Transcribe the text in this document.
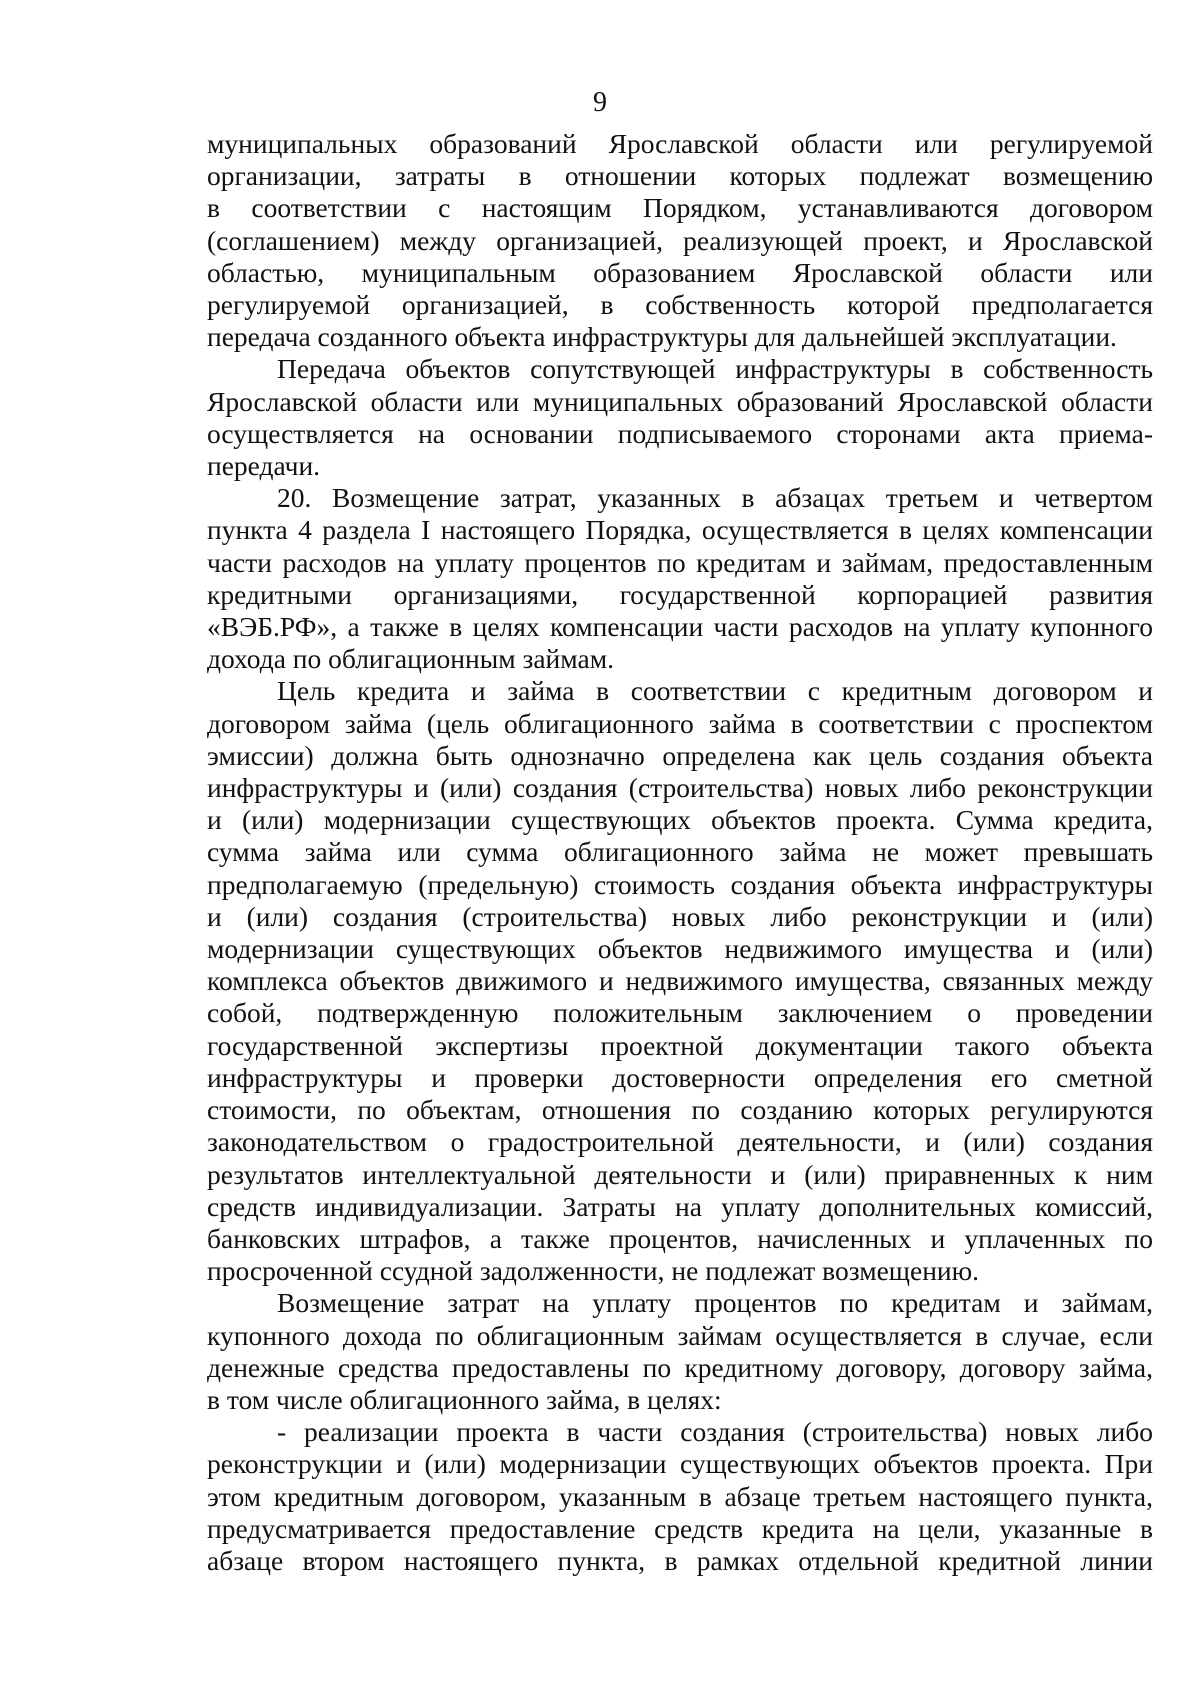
9
муниципальных образований Ярославской области или регулируемой
организации, затраты в отношении которых подлежат возмещению
в соответствии с настоящим Порядком, устанавливаются договором
(соглашением) между организацией, реализующей проект, и Ярославской
областью, муниципальным образованием Ярославской области или
регулируемой организацией, в собственность которой предполагается
передача созданного объекта инфраструктуры для дальнейшей эксплуатации.
Передача объектов сопутствующей инфраструктуры в собственность
Ярославской области или муниципальных образований Ярославской области
осуществляется на основании подписываемого сторонами акта приема-
передачи.
20. Возмещение затрат, указанных в абзацах третьем и четвертом
пункта 4 раздела I настоящего Порядка, осуществляется в целях компенсации
части расходов на уплату процентов по кредитам и займам, предоставленным
кредитными организациями, государственной корпорацией развития
«ВЭБ.РФ», а также в целях компенсации части расходов на уплату купонного
дохода по облигационным займам.
Цель кредита и займа в соответствии с кредитным договором и
договором займа (цель облигационного займа в соответствии с проспектом
эмиссии) должна быть однозначно определена как цель создания объекта
инфраструктуры и (или) создания (строительства) новых либо реконструкции
и (или) модернизации существующих объектов проекта. Сумма кредита,
сумма займа или сумма облигационного займа не может превышать
предполагаемую (предельную) стоимость создания объекта инфраструктуры
и (или) создания (строительства) новых либо реконструкции и (или)
модернизации существующих объектов недвижимого имущества и (или)
комплекса объектов движимого и недвижимого имущества, связанных между
собой, подтвержденную положительным заключением о проведении
государственной экспертизы проектной документации такого объекта
инфраструктуры и проверки достоверности определения его сметной
стоимости, по объектам, отношения по созданию которых регулируются
законодательством о градостроительной деятельности, и (или) создания
результатов интеллектуальной деятельности и (или) приравненных к ним
средств индивидуализации. Затраты на уплату дополнительных комиссий,
банковских штрафов, а также процентов, начисленных и уплаченных по
просроченной ссудной задолженности, не подлежат возмещению.
Возмещение затрат на уплату процентов по кредитам и займам,
купонного дохода по облигационным займам осуществляется в случае, если
денежные средства предоставлены по кредитному договору, договору займа,
в том числе облигационного займа, в целях:
- реализации проекта в части создания (строительства) новых либо
реконструкции и (или) модернизации существующих объектов проекта. При
этом кредитным договором, указанным в абзаце третьем настоящего пункта,
предусматривается предоставление средств кредита на цели, указанные в
абзаце втором настоящего пункта, в рамках отдельной кредитной линии
